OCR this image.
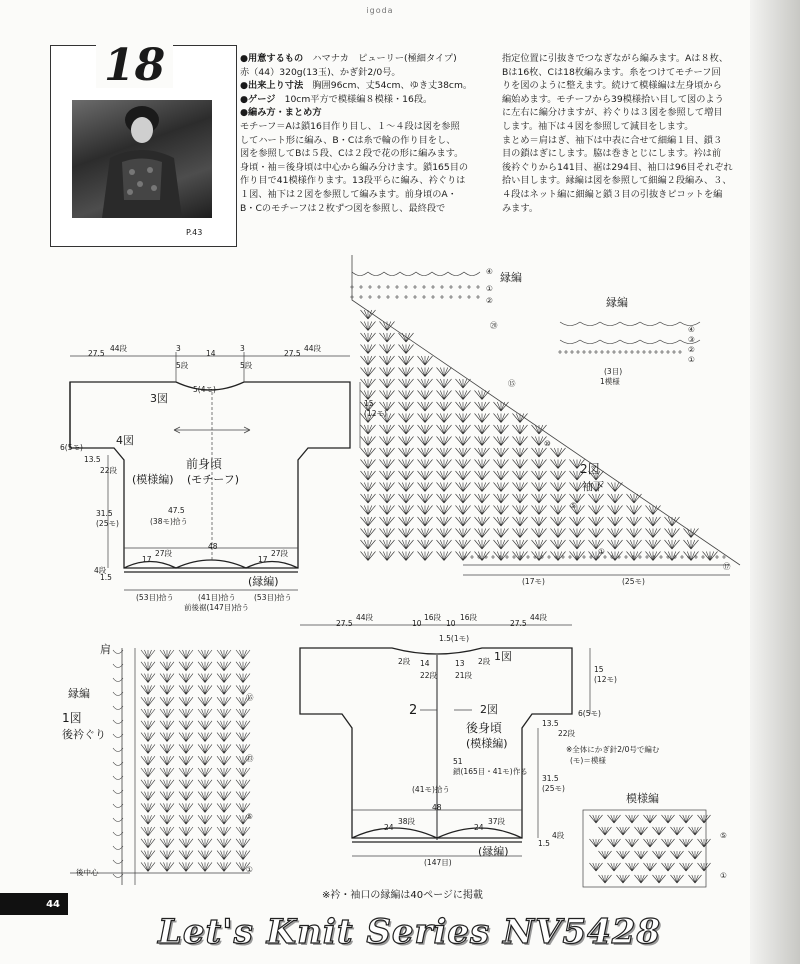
igoda
18
P.43

●用意するもの　ハマナカ　ピューリー(極細タイプ)

赤（44）320g(13玉)、かぎ針2/0号。

●出来上り寸法　胸囲96cm、丈54cm、ゆき丈38cm。

●ゲージ　10cm平方で模様編８模様・16段。

●編み方・まとめ方

モチーフ＝Aは鎖16目作り目し、１～４段は図を参照

してハート形に編み、B・Cは糸で輪の作り目をし、

図を参照してBは５段、Cは２段で花の形に編みます。

身頃・袖＝後身頃は中心から編み分けます。鎖165目の

作り目で41模様作ります。13段平らに編み、衿ぐりは

１図、袖下は２図を参照して編みます。前身頃のA・

B・Cのモチーフは２枚ずつ図を参照し、最終段で

指定位置に引抜きでつなぎながら編みます。Aは８枚、

Bは16枚、Cは18枚編みます。糸をつけてモチーフ回

りを図のように整えます。続けて模様編は左身頃から

編始めます。モチーフから39模様拾い目して図のよう

に左右に編分けますが、衿ぐりは３図を参照して増目

します。袖下は４図を参照して減目をします。

まとめ＝肩はぎ、袖下は中表に合せて細編１目、鎖３

目の鎖はぎにします。脇は巻きとじにします。衿は前

後衿ぐりから141目、裾は294目、袖口は96目それぞれ

拾い目します。縁編は図を参照して細編２段編み、３、

４段はネット編に細編と鎖３目の引抜きピコットを編

みます。

27.5
44段	3
5段
14
3
5段
27.5
44段
5(4モ)
3図
4図
前身頃
(モチーフ)
(模様編)
6(5モ)
13.5
22段
31.5
(25モ)
47.5
(38モ)拾う
15
(12モ)
48
17
27段
17
27段
1.5
4段
(縁編)
(53目)拾う	(41目)拾う (53目)拾う
前後裾(147目)拾う
27.5
44段
10
16段
10
16段
27.5
44段
1.5(1モ)
1図
2	2図
2段 14
22段
13
21段
2段
15
(12モ)
後身頃
(模様編)
6(5モ)
13.5
22段
51
鎖(165目・41モ)作る
31.5
(25モ)
(41モ)拾う
48
24
38段
24
37段
1.5
4段
(147目)
(縁編)
※全体にかぎ針2/0号で編む
(モ)＝模様
縁編
④
①
②
⑳
⑮
⑩
⑤
①
2図
袖下
(17モ)	(25モ)
⑰
縁編
④
③
②
①
(3目)
1模様
肩
縁編
1図
後衿ぐり
⑮
⑬
⑤
①
後中心
模様編
⑤
①
※衿・袖口の縁編は40ページに掲載
44
Let's Knit Series NV5428
